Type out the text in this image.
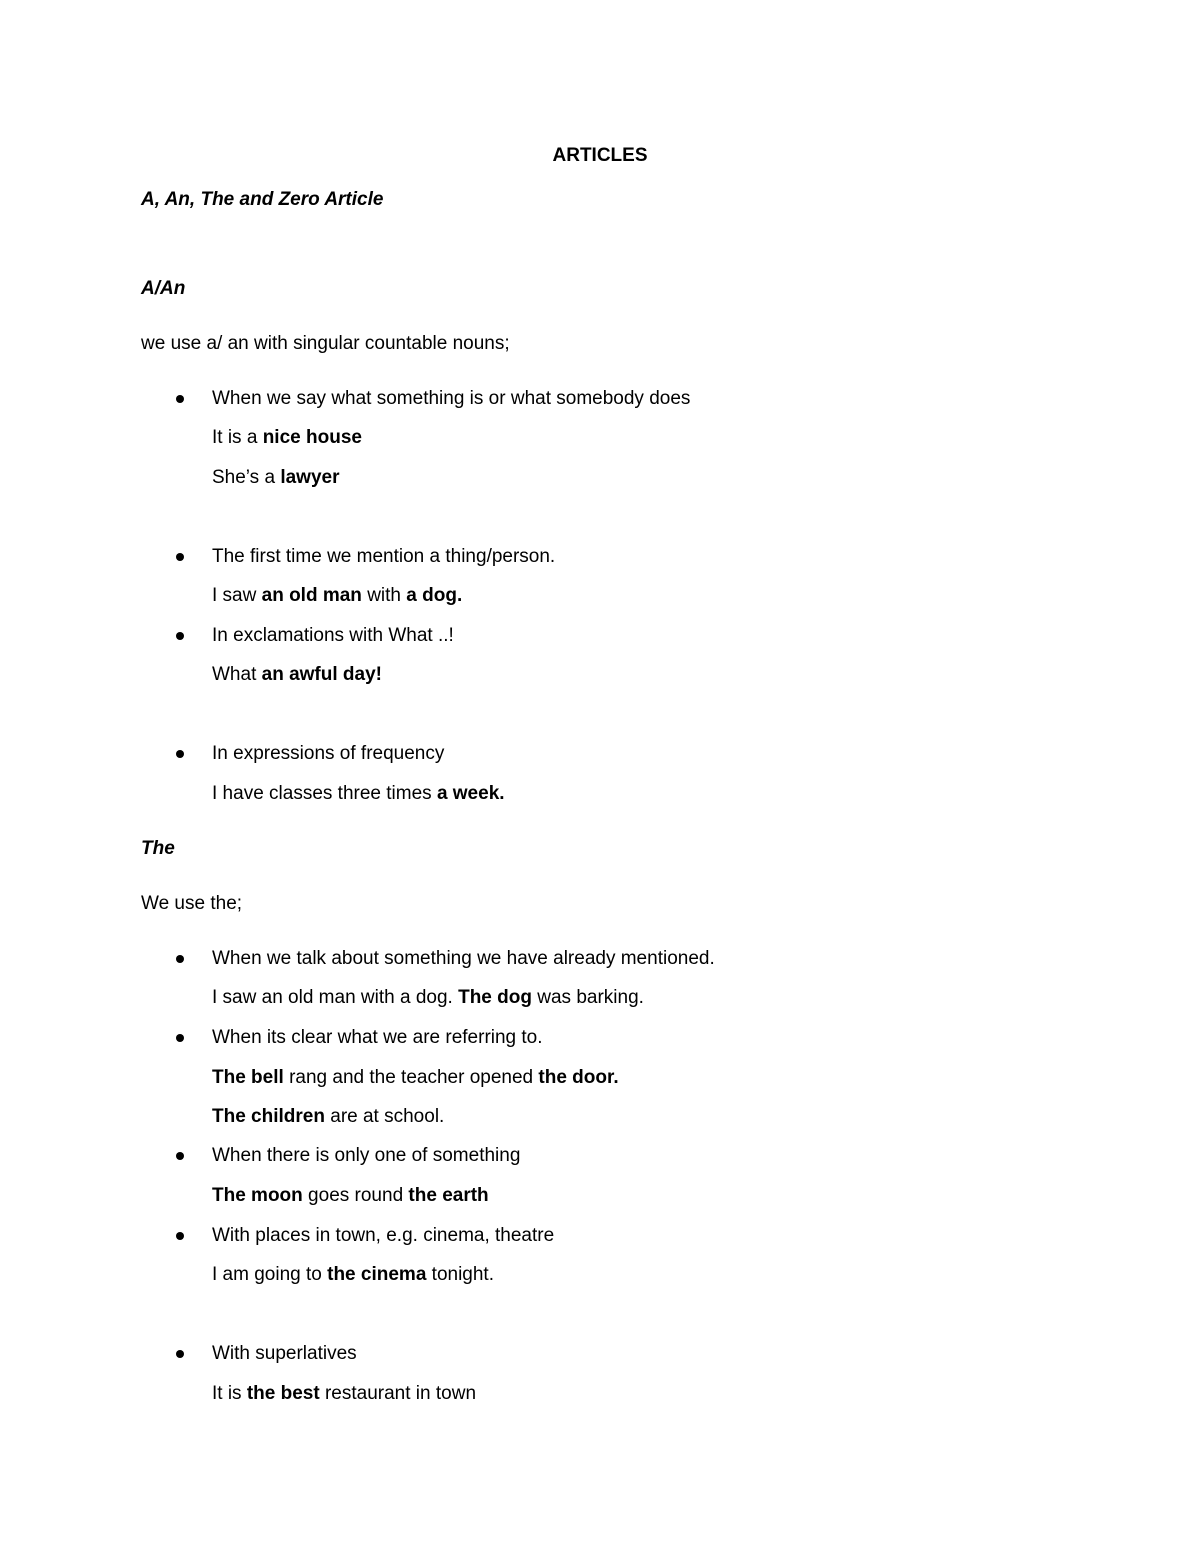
ARTICLES
A, An, The and Zero Article
A/An
we use a/ an with singular countable nouns;
When we say what something is or what somebody does
It is a nice house
She’s a lawyer
The first time we mention a thing/person.
I saw an old man with a dog.
In exclamations with What ..!
What an awful day!
In expressions of frequency
I have classes three times a week.
The
We use the;
When we talk about something we have already mentioned.
I saw an old man with a dog. The dog was barking.
When its clear what we are referring to.
The bell rang and the teacher opened the door.
The children are at school.
When there is only one of something
The moon goes round the earth
With places in town, e.g. cinema, theatre
I am going to the cinema tonight.
With superlatives
It is the best restaurant in town
